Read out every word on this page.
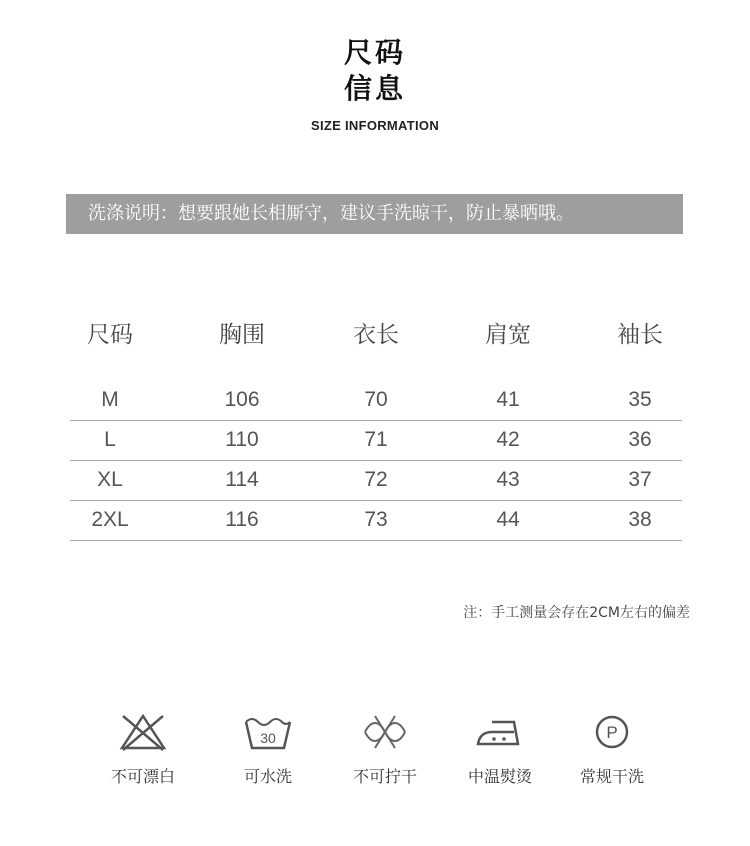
尺码
信息
SIZE INFORMATION
洗涤说明：想要跟她长相厮守，建议手洗晾干，防止暴晒哦。
尺码	胸围	衣长	肩宽	袖长
M	106	70	41	35
L	110	71	42	36
XL	114	72	43	37
2XL	116	73	44	38
注：手工测量会存在2CM左右的偏差
不可漂白
30
可水洗	不可拧干	中温熨烫
P
常规干洗
